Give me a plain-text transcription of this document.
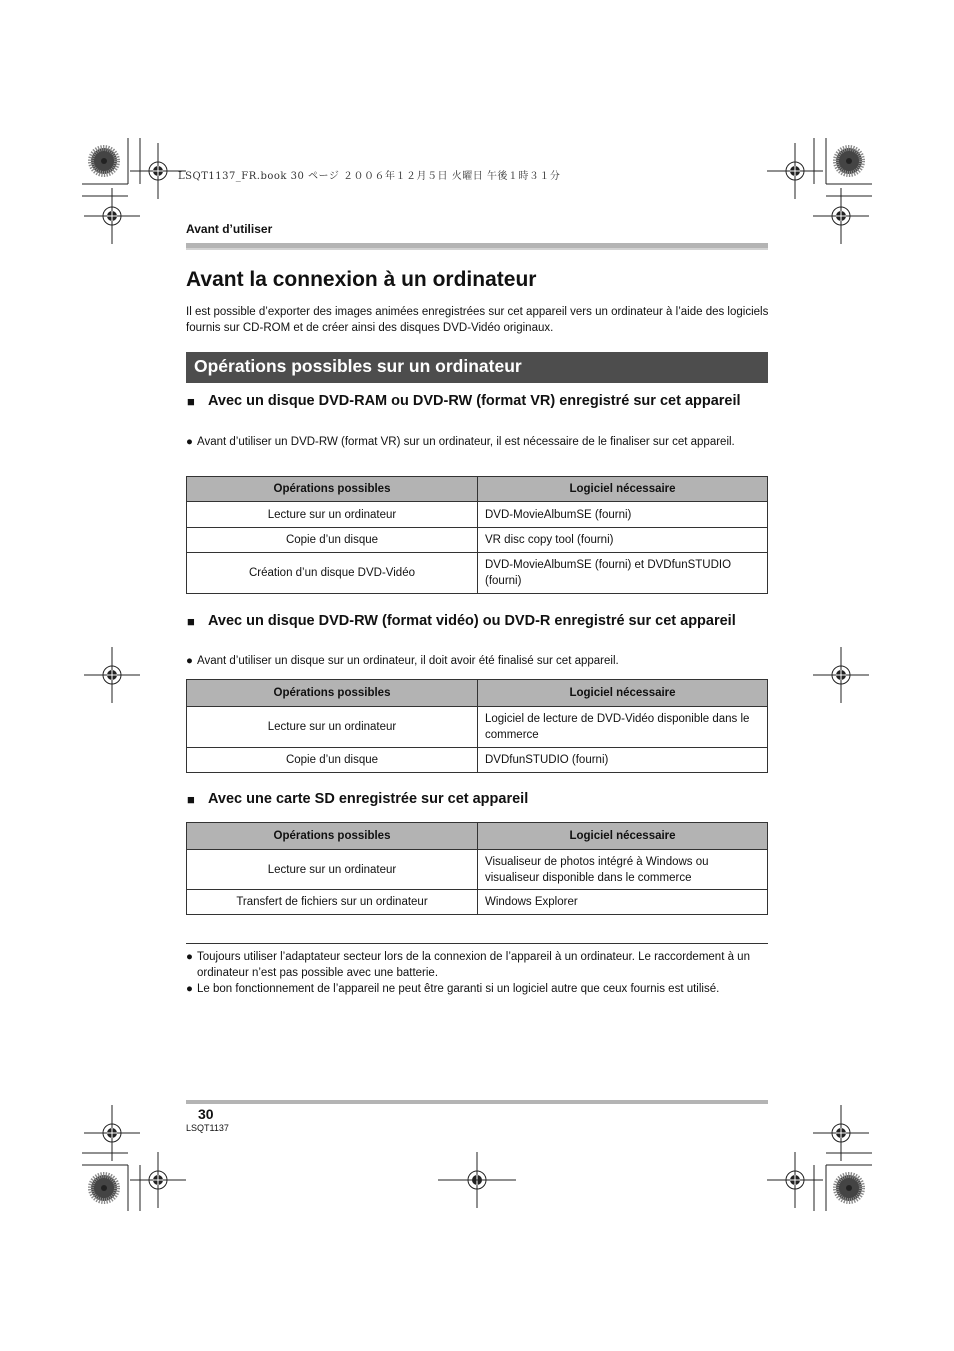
LSQT1137_FR.book 30 ページ ２００６年１２月５日 火曜日 午後１時３１分
Avant d’utiliser
Avant la connexion à un ordinateur

Il est possible d’exporter des images animées enregistrées sur cet appareil vers un ordinateur à l’aide des logiciels fournis sur CD-ROM et de créer ainsi des disques DVD-Vidéo originaux.

Opérations possibles sur un ordinateur
■ Avec un disque DVD-RAM ou DVD-RW (format VR) enregistré sur cet appareil
● Avant d’utiliser un DVD-RW (format VR) sur un ordinateur, il est nécessaire de le finaliser sur cet appareil.
Opérations possibles	Logiciel nécessaire
Lecture sur un ordinateur	DVD-MovieAlbumSE (fourni)
Copie d’un disque	VR disc copy tool (fourni)
Création d’un disque DVD-Vidéo	DVD-MovieAlbumSE (fourni) et DVDfunSTUDIO (fourni)
■ Avec un disque DVD-RW (format vidéo) ou DVD-R enregistré sur cet appareil
● Avant d’utiliser un disque sur un ordinateur, il doit avoir été finalisé sur cet appareil.
Opérations possibles	Logiciel nécessaire
Lecture sur un ordinateur	Logiciel de lecture de DVD-Vidéo disponible dans le commerce
Copie d’un disque	DVDfunSTUDIO (fourni)
■ Avec une carte SD enregistrée sur cet appareil
Opérations possibles	Logiciel nécessaire
Lecture sur un ordinateur	Visualiseur de photos intégré à Windows ou visualiseur disponible dans le commerce
Transfert de fichiers sur un ordinateur	Windows Explorer
● Toujours utiliser l’adaptateur secteur lors de la connexion de l’appareil à un ordinateur. Le raccordement à un ordinateur n’est pas possible avec une batterie.
● Le bon fonctionnement de l’appareil ne peut être garanti si un logiciel autre que ceux fournis est utilisé.
30
LSQT1137
